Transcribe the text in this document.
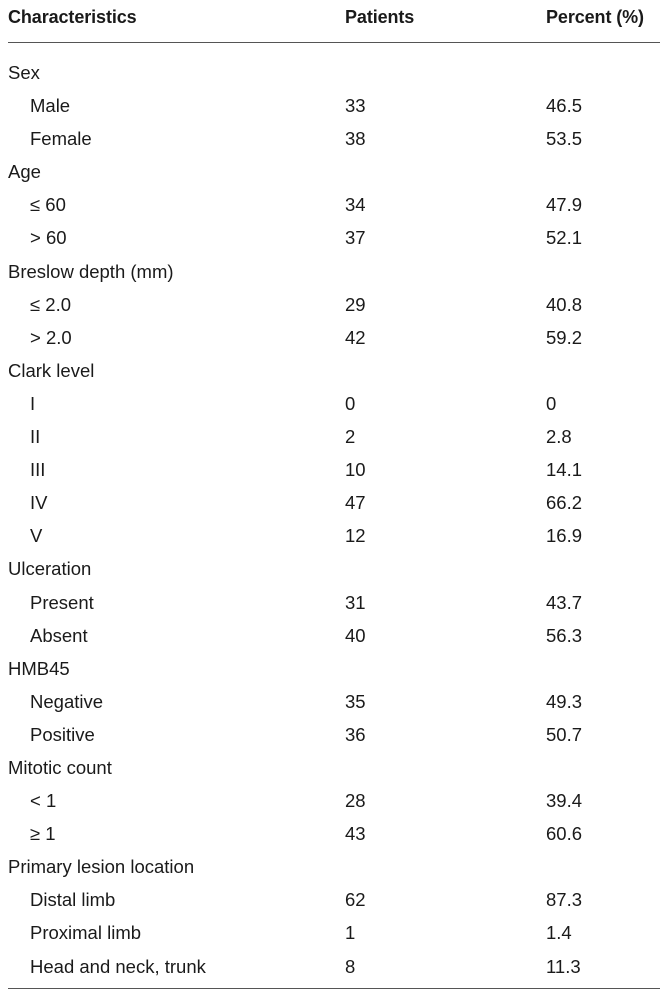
Characteristics	Patients	Percent (%)
Sex
Male	33	46.5
Female	38	53.5
Age
≤ 60	34	47.9
> 60	37	52.1
Breslow depth (mm)
≤ 2.0	29	40.8
> 2.0	42	59.2
Clark level
I	0	0
II	2	2.8
III	10	14.1
IV	47	66.2
V	12	16.9
Ulceration
Present	31	43.7
Absent	40	56.3
HMB45
Negative	35	49.3
Positive	36	50.7
Mitotic count
< 1	28	39.4
≥ 1	43	60.6
Primary lesion location
Distal limb	62	87.3
Proximal limb	1	1.4
Head and neck, trunk	8	11.3
